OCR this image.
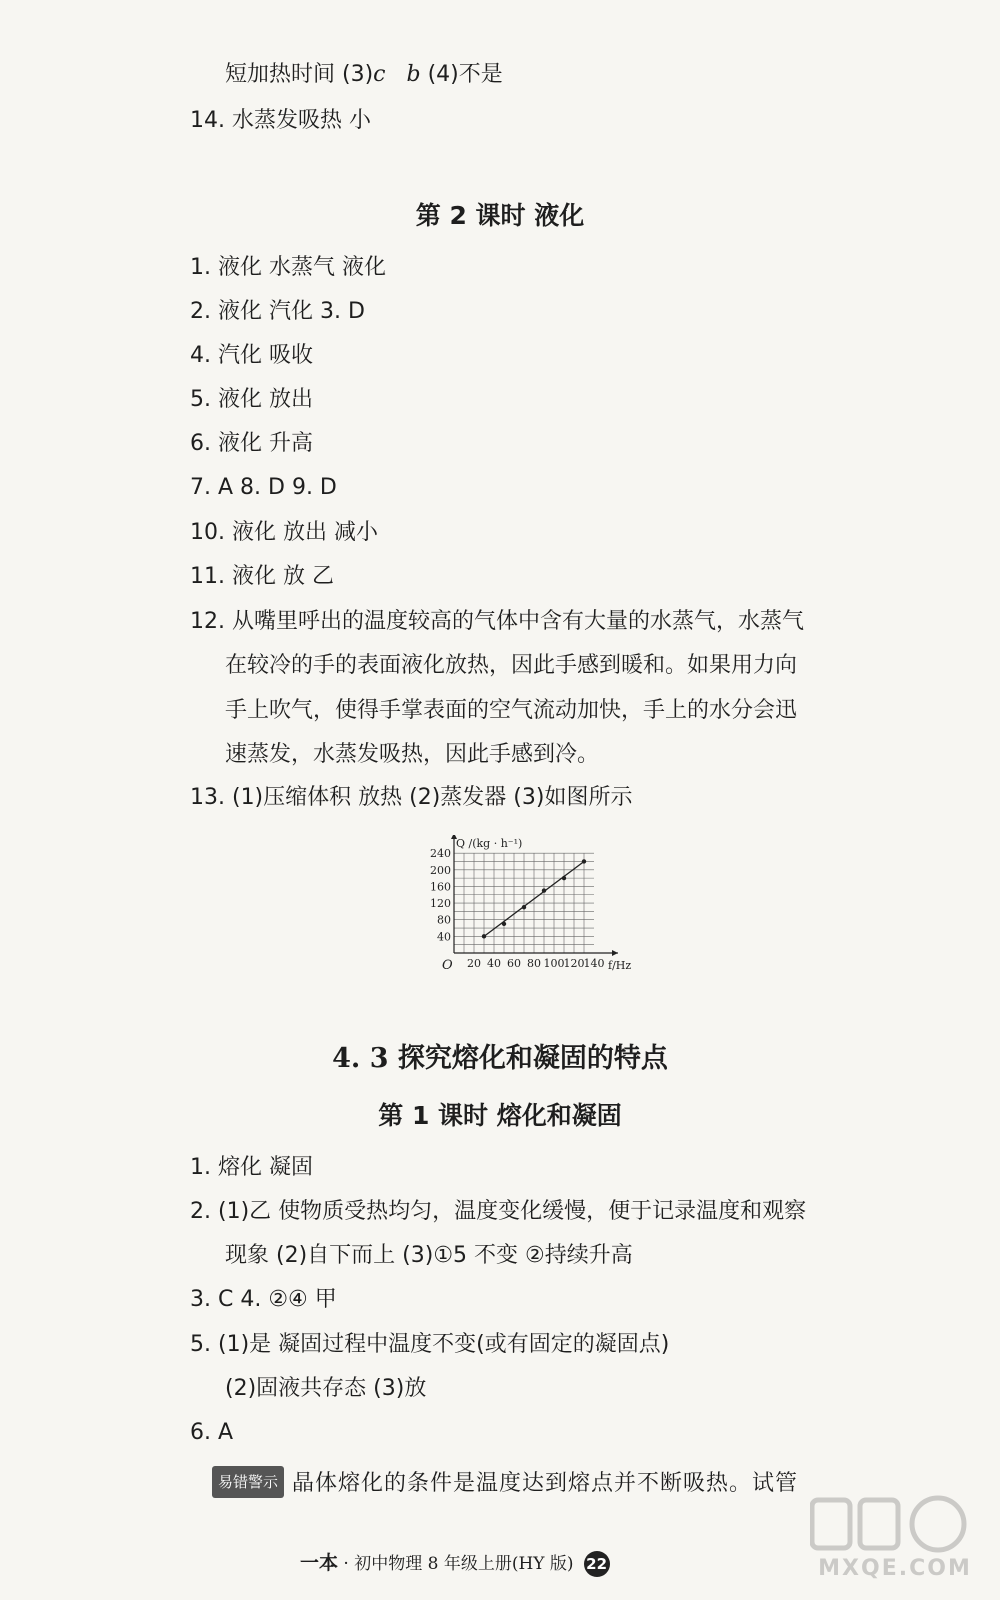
短加热时间 (3)c b (4)不是
14. 水蒸发吸热 小
第 2 课时 液化
1. 液化 水蒸气 液化
2. 液化 汽化 3. D
4. 汽化 吸收
5. 液化 放出
6. 液化 升高
7. A 8. D 9. D
10. 液化 放出 减小
11. 液化 放 乙
12. 从嘴里呼出的温度较高的气体中含有大量的水蒸气，水蒸气
在较冷的手的表面液化放热，因此手感到暖和。如果用力向
手上吹气，使得手掌表面的空气流动加快，手上的水分会迅
速蒸发，水蒸发吸热，因此手感到冷。
13. (1)压缩体积 放热 (2)蒸发器 (3)如图所示
20 40 60 80 100 120 140
40
80
120
160
200
240
O	f/Hz
Q /(kg · h⁻¹)
4. 3 探究熔化和凝固的特点
第 1 课时 熔化和凝固
1. 熔化 凝固
2. (1)乙 使物质受热均匀，温度变化缓慢，便于记录温度和观察
现象 (2)自下而上 (3)①5 不变 ②持续升高
3. C 4. ②④ 甲
5. (1)是 凝固过程中温度不变(或有固定的凝固点)
(2)固液共存态 (3)放
6. A
易错警示 晶体熔化的条件是温度达到熔点并不断吸热。试管
一本 · 初中物理 8 年级上册(HY 版) 22	MXQE.COM
